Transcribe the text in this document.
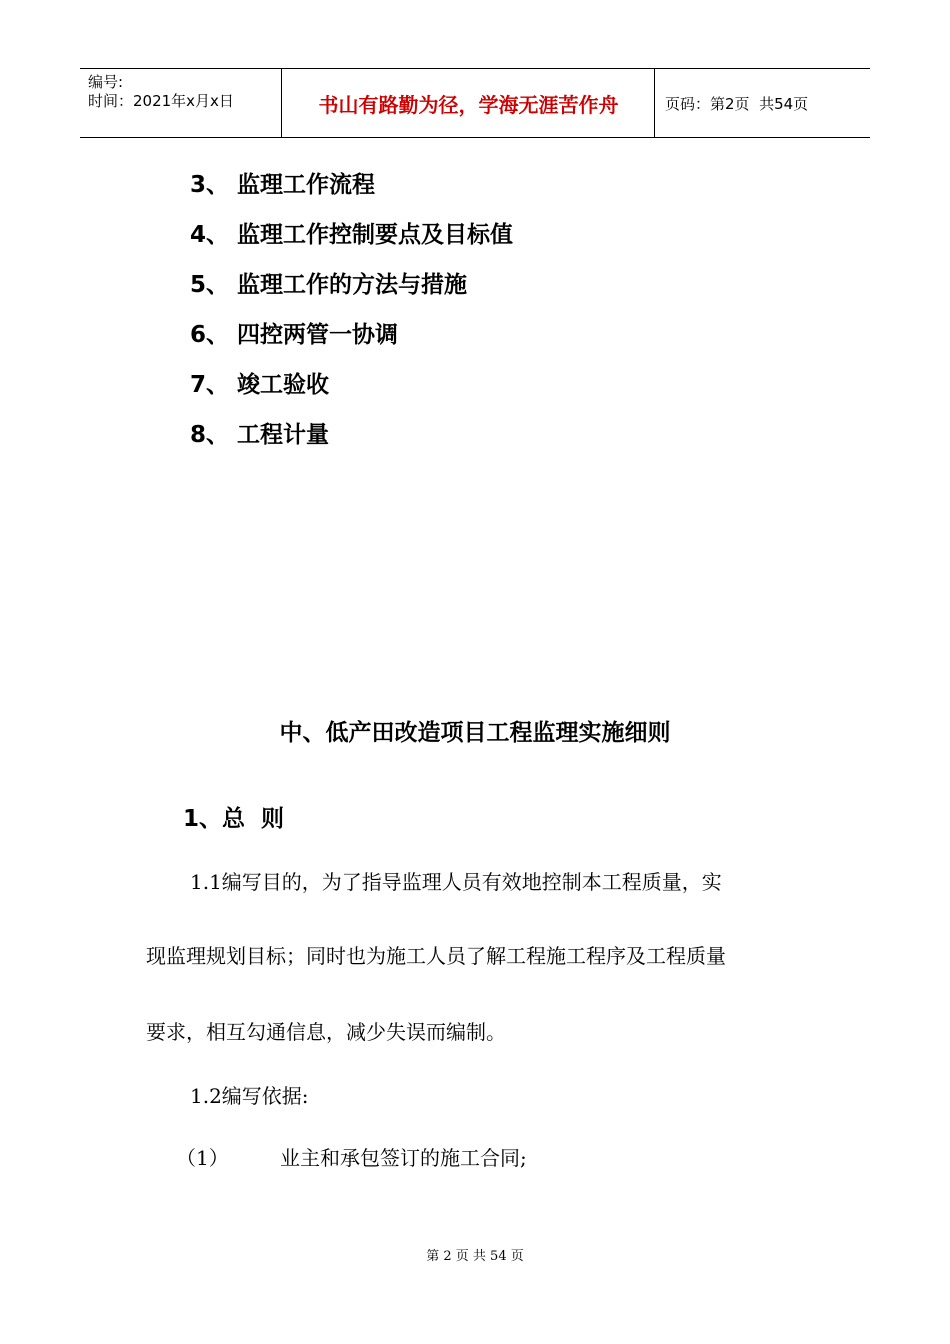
编号:
时间：2021年x月x日	书山有路勤为径，学海无涯苦作舟	页码：第2页  共54页
3、 监理工作流程
4、 监理工作控制要点及目标值
5、 监理工作的方法与措施
6、 四控两管一协调
7、 竣工验收
8、 工程计量
中、低产田改造项目工程监理实施细则
1、总  则
1.1编写目的，为了指导监理人员有效地控制本工程质量，实
现监理规划目标；同时也为施工人员了解工程施工程序及工程质量
要求，相互勾通信息，减少失误而编制。
1.2编写依据:
（1）	业主和承包签订的施工合同;
第 2 页 共 54 页
